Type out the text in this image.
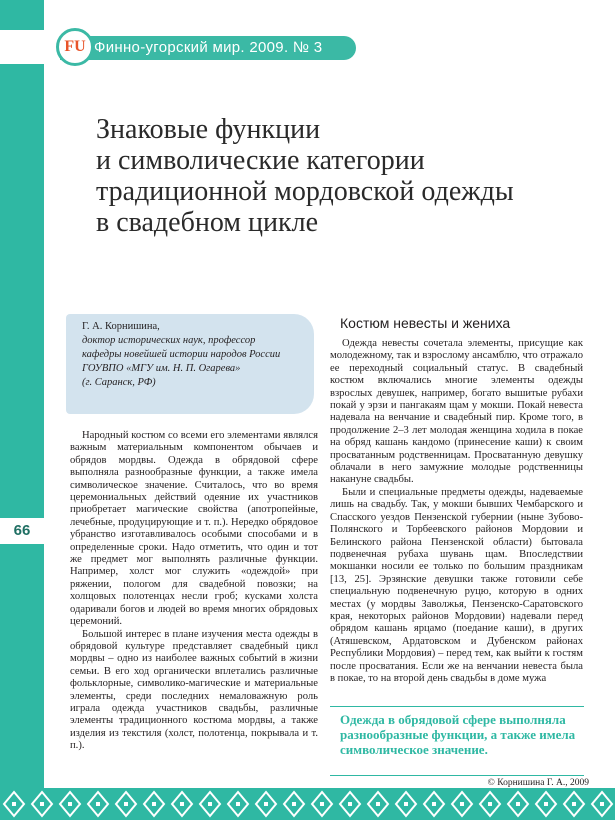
66
FU Финно-угорский мир. 2009. № 3
Знаковые функции
и символические категории
традиционной мордовской одежды
в свадебном цикле
Г. А. Корнишина,
доктор исторических наук, профессор
кафедры новейшей истории народов России
ГОУВПО «МГУ им. Н. П. Огарева»
(г. Саранск, РФ)

Народный костюм со всеми его элементами являлся важным материальным компонентом обычаев и обрядов мордвы. Одежда в обрядовой сфере выполняла разнообразные функции, а также имела символическое значение. Считалось, что во время церемониальных действий одеяние их участников приобретает магические свойства (апотропейные, лечебные, продуцирующие и т. п.). Нередко обрядовое убранство изготавливалось особыми способами и в определенные сроки. Надо отметить, что один и тот же предмет мог выполнять различные функции. Например, холст мог служить «одеждой» при ряжении, пологом для свадебной повозки; на холщовых полотенцах несли гроб; кусками холста одаривали богов и людей во время многих обрядовых церемоний.

Большой интерес в плане изучения места одежды в обрядовой культуре представляет свадебный цикл мордвы – одно из наиболее важных событий в жизни семьи. В его ход органически вплетались различные фольклорные, символико-магические и материальные элементы, среди последних немаловажную роль играла одежда участников свадьбы, различные элементы традиционного костюма мордвы, а также изделия из текстиля (холст, полотенца, покрывала и т. п.).

Костюм невесты и жениха

Одежда невесты сочетала элементы, присущие как молодежному, так и взрослому ансамблю, что отражало ее переходный социальный статус. В свадебный костюм включались многие элементы одежды взрослых девушек, например, богато вышитые рубахи покай у эрзи и пангакаям щам у мокши. Покай невеста надевала на венчание и свадебный пир. Кроме того, в продолжение 2–3 лет молодая женщина ходила в покае на обряд кашань кандомо (принесение каши) к своим просватанным родственницам. Просватанную девушку облачали в него замужние молодые родственницы накануне свадьбы.

Были и специальные предметы одежды, надеваемые лишь на свадьбу. Так, у мокши бывших Чембарского и Спасского уездов Пензенской губернии (ныне Зубово-Полянского и Торбеевского районов Мордовии и Белинского района Пензенской области) бытовала подвенечная рубаха шувань щам. Впоследствии мокшанки носили ее только по большим праздникам [13, 25]. Эрзянские девушки также готовили себе специальную подвенечную руцю, которую в одних местах (у мордвы Заволжья, Пензенско-Саратовского края, некоторых районов Мордовии) надевали перед обрядом кашань ярцамо (поедание каши), в других (Атяшевском, Ардатовском и Дубенском районах Республики Мордовия) – перед тем, как выйти к гостям после просватания. Если же на венчании невеста была в покае, то на второй день свадьбы в доме мужа

Одежда в обрядовой сфере выполняла разнообразные функции, а также имела символическое значение.
© Корнишина Г. А., 2009
